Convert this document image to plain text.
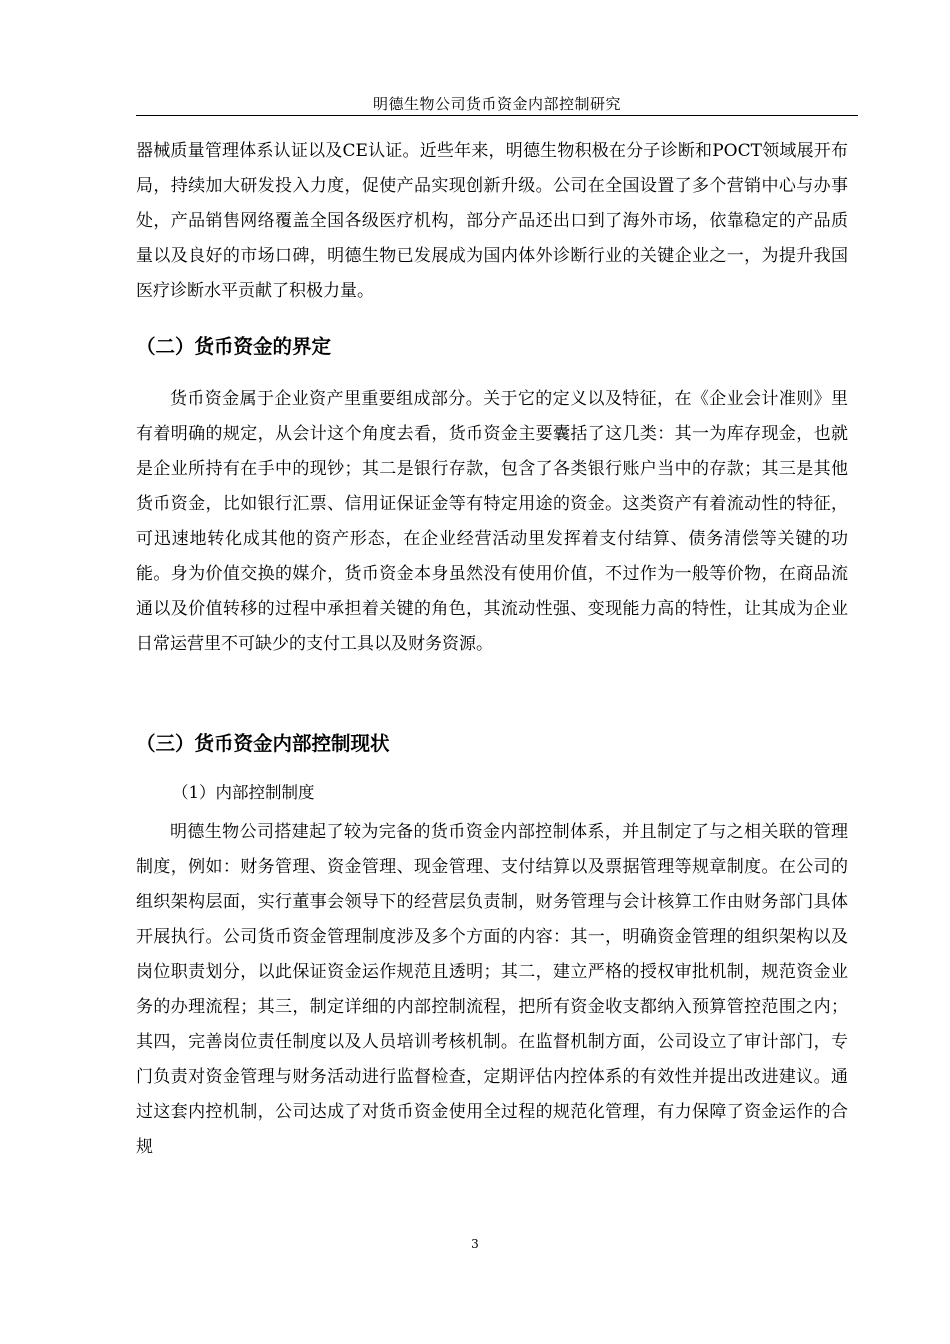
明德生物公司货币资金内部控制研究

器械质量管理体系认证以及CE认证。近些年来，明德生物积极在分子诊断和POCT领域展开布局，持续加大研发投入力度，促使产品实现创新升级。公司在全国设置了多个营销中心与办事处，产品销售网络覆盖全国各级医疗机构，部分产品还出口到了海外市场，依靠稳定的产品质量以及良好的市场口碑，明德生物已发展成为国内体外诊断行业的关键企业之一，为提升我国医疗诊断水平贡献了积极力量。

（二）货币资金的界定

货币资金属于企业资产里重要组成部分。关于它的定义以及特征，在《企业会计准则》里有着明确的规定，从会计这个角度去看，货币资金主要囊括了这几类：其一为库存现金，也就是企业所持有在手中的现钞；其二是银行存款，包含了各类银行账户当中的存款；其三是其他货币资金，比如银行汇票、信用证保证金等有特定用途的资金。这类资产有着流动性的特征，可迅速地转化成其他的资产形态，在企业经营活动里发挥着支付结算、债务清偿等关键的功能。身为价值交换的媒介，货币资金本身虽然没有使用价值，不过作为一般等价物，在商品流通以及价值转移的过程中承担着关键的角色，其流动性强、变现能力高的特性，让其成为企业日常运营里不可缺少的支付工具以及财务资源。

（三）货币资金内部控制现状
（1）内部控制制度

明德生物公司搭建起了较为完备的货币资金内部控制体系，并且制定了与之相关联的管理制度，例如：财务管理、资金管理、现金管理、支付结算以及票据管理等规章制度。在公司的组织架构层面，实行董事会领导下的经营层负责制，财务管理与会计核算工作由财务部门具体开展执行。公司货币资金管理制度涉及多个方面的内容：其一，明确资金管理的组织架构以及岗位职责划分，以此保证资金运作规范且透明；其二，建立严格的授权审批机制，规范资金业务的办理流程；其三，制定详细的内部控制流程，把所有资金收支都纳入预算管控范围之内；其四，完善岗位责任制度以及人员培训考核机制。在监督机制方面，公司设立了审计部门，专门负责对资金管理与财务活动进行监督检查，定期评估内控体系的有效性并提出改进建议。通过这套内控机制，公司达成了对货币资金使用全过程的规范化管理，有力保障了资金运作的合规

3
